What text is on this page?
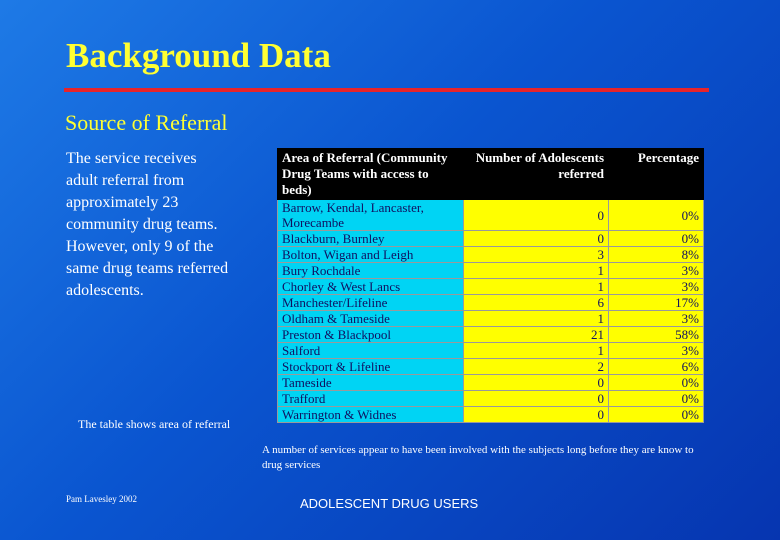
Background Data
Source of Referral
The service receives adult referral from approximately 23 community drug teams. However, only 9 of the same drug teams referred adolescents.
Area of Referral (Community Drug Teams with access to beds)	Number of Adolescents referred	Percentage
Barrow, Kendal, Lancaster, Morecambe	0	0%
Blackburn, Burnley	0	0%
Bolton, Wigan and Leigh	3	8%
Bury Rochdale	1	3%
Chorley & West Lancs	1	3%
Manchester/Lifeline	6	17%
Oldham & Tameside	1	3%
Preston & Blackpool	21	58%
Salford	1	3%
Stockport & Lifeline	2	6%
Tameside	0	0%
Trafford	0	0%
Warrington & Widnes	0	0%
The table shows area of referral
A number of services appear to have been involved with the subjects long before they are know to drug services
Pam Lavesley 2002	ADOLESCENT DRUG USERS
